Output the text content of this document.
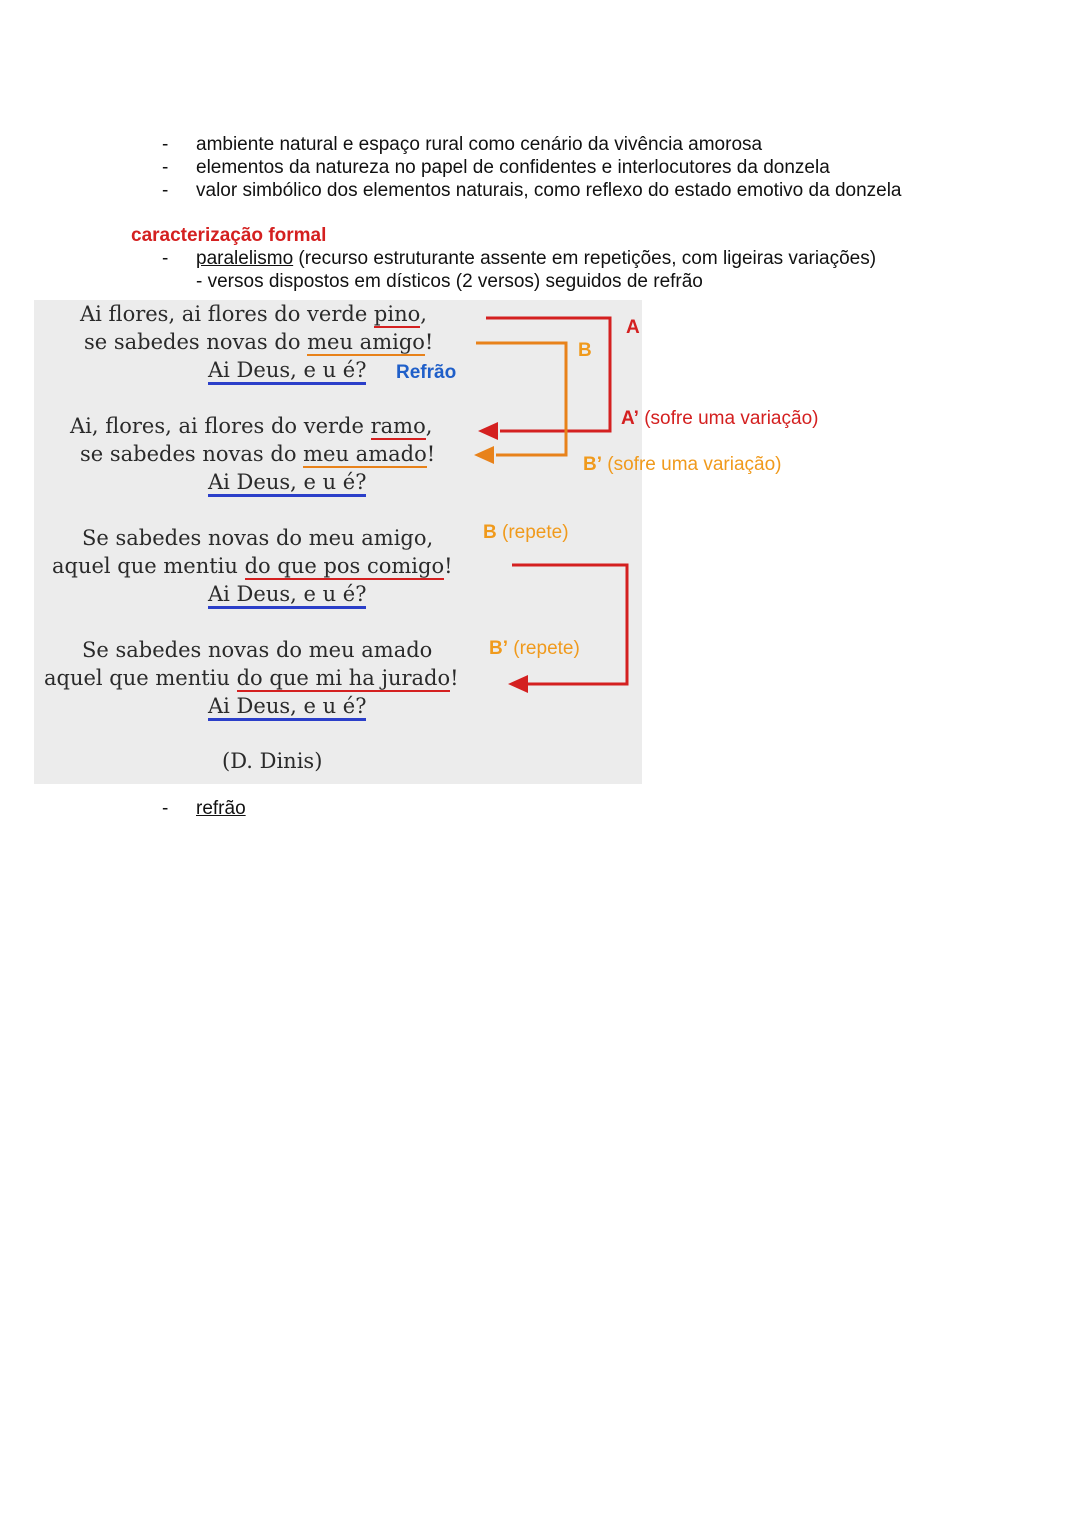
- ambiente natural e espaço rural como cenário da vivência amorosa
- elementos da natureza no papel de confidentes e interlocutores da donzela
- valor simbólico dos elementos naturais, como reflexo do estado emotivo da donzela
caracterização formal
- paralelismo (recurso estruturante assente em repetições, com ligeiras variações)
- versos dispostos em dísticos (2 versos) seguidos de refrão
Ai flores, ai flores do verde pino,
se sabedes novas do meu amigo!
Ai Deus, e u é? Refrão
Ai, flores, ai flores do verde ramo,
se sabedes novas do meu amado!
Ai Deus, e u é?
Se sabedes novas do meu amigo,
aquel que mentiu do que pos comigo!
Ai Deus, e u é?
Se sabedes novas do meu amado
aquel que mentiu do que mi ha jurado!
Ai Deus, e u é?
(D. Dinis)
A
B
A’ (sofre uma variação)
B’ (sofre uma variação)
B (repete)
B’ (repete)
- refrão
